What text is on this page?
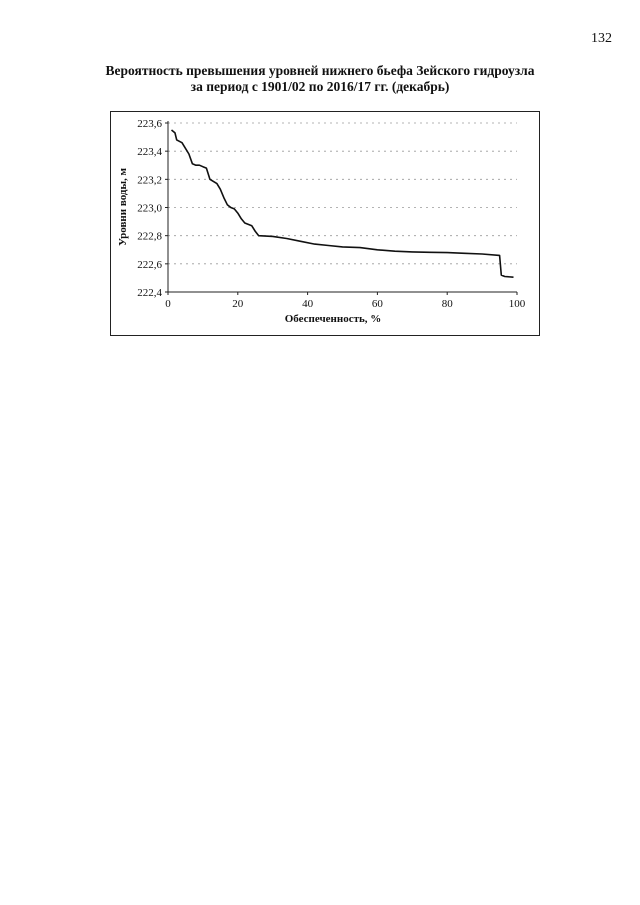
132
Вероятность превышения уровней нижнего бьефа Зейского гидроузла
за период с 1901/02 по 2016/17 гг. (декабрь)
0	20	40	60	80	100
223,6
223,4
223,2
223,0
222,8
222,6
222,4
Обеспеченность, %
Уровни воды, м
